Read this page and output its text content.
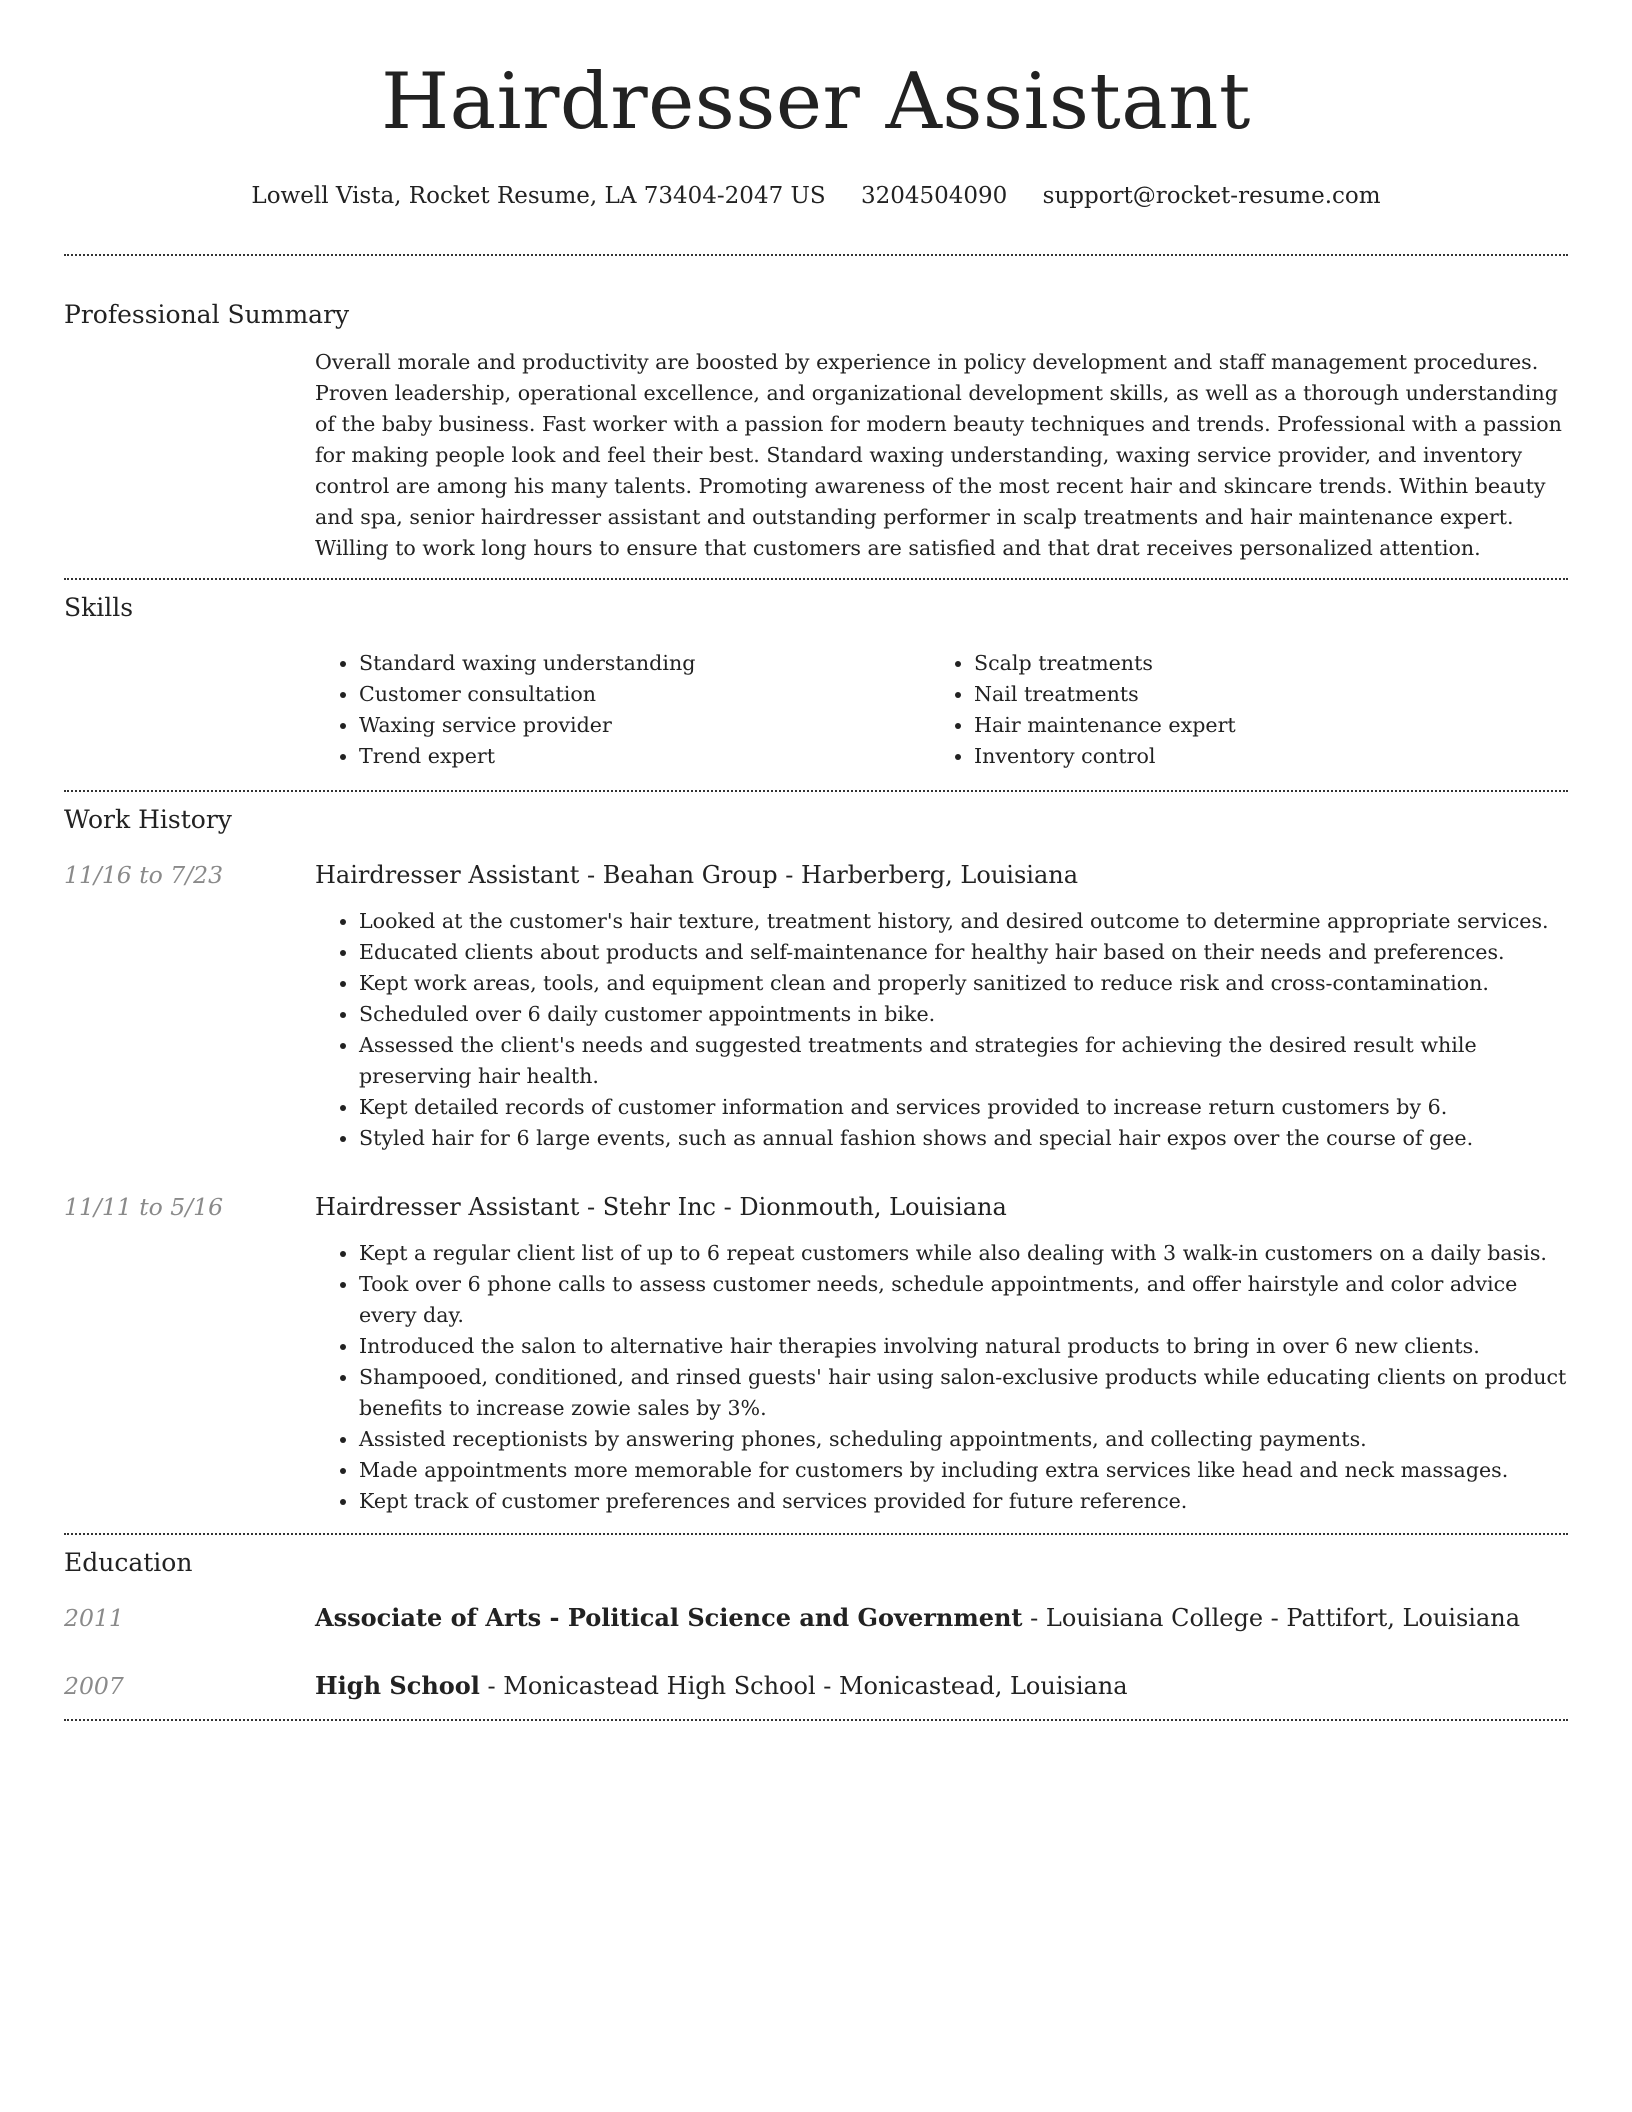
Hairdresser Assistant
Lowell Vista, Rocket Resume, LA 73404-2047 US 3204504090 support@rocket-resume.com
Professional Summary
Overall morale and productivity are boosted by experience in policy development and staff management procedures. Proven leadership, operational excellence, and organizational development skills, as well as a thorough understanding of the baby business. Fast worker with a passion for modern beauty techniques and trends. Professional with a passion for making people look and feel their best. Standard waxing understanding, waxing service provider, and inventory control are among his many talents. Promoting awareness of the most recent hair and skincare trends. Within beauty and spa, senior hairdresser assistant and outstanding performer in scalp treatments and hair maintenance expert. Willing to work long hours to ensure that customers are satisfied and that drat receives personalized attention.
Skills
• Standard waxing understanding
• Customer consultation
• Waxing service provider
• Trend expert
• Scalp treatments
• Nail treatments
• Hair maintenance expert
• Inventory control
Work History
11/16 to 7/23	Hairdresser Assistant - Beahan Group - Harberberg, Louisiana
• Looked at the customer's hair texture, treatment history, and desired outcome to determine appropriate services.
• Educated clients about products and self-maintenance for healthy hair based on their needs and preferences.
• Kept work areas, tools, and equipment clean and properly sanitized to reduce risk and cross-contamination.
• Scheduled over 6 daily customer appointments in bike.
• Assessed the client's needs and suggested treatments and strategies for achieving the desired result while preserving hair health.
• Kept detailed records of customer information and services provided to increase return customers by 6.
• Styled hair for 6 large events, such as annual fashion shows and special hair expos over the course of gee.
11/11 to 5/16	Hairdresser Assistant - Stehr Inc - Dionmouth, Louisiana
• Kept a regular client list of up to 6 repeat customers while also dealing with 3 walk-in customers on a daily basis.
• Took over 6 phone calls to assess customer needs, schedule appointments, and offer hairstyle and color advice every day.
• Introduced the salon to alternative hair therapies involving natural products to bring in over 6 new clients.
• Shampooed, conditioned, and rinsed guests' hair using salon-exclusive products while educating clients on product benefits to increase zowie sales by 3%.
• Assisted receptionists by answering phones, scheduling appointments, and collecting payments.
• Made appointments more memorable for customers by including extra services like head and neck massages.
• Kept track of customer preferences and services provided for future reference.
Education
2011	Associate of Arts - Political Science and Government - Louisiana College - Pattifort, Louisiana
2007	High School - Monicastead High School - Monicastead, Louisiana
